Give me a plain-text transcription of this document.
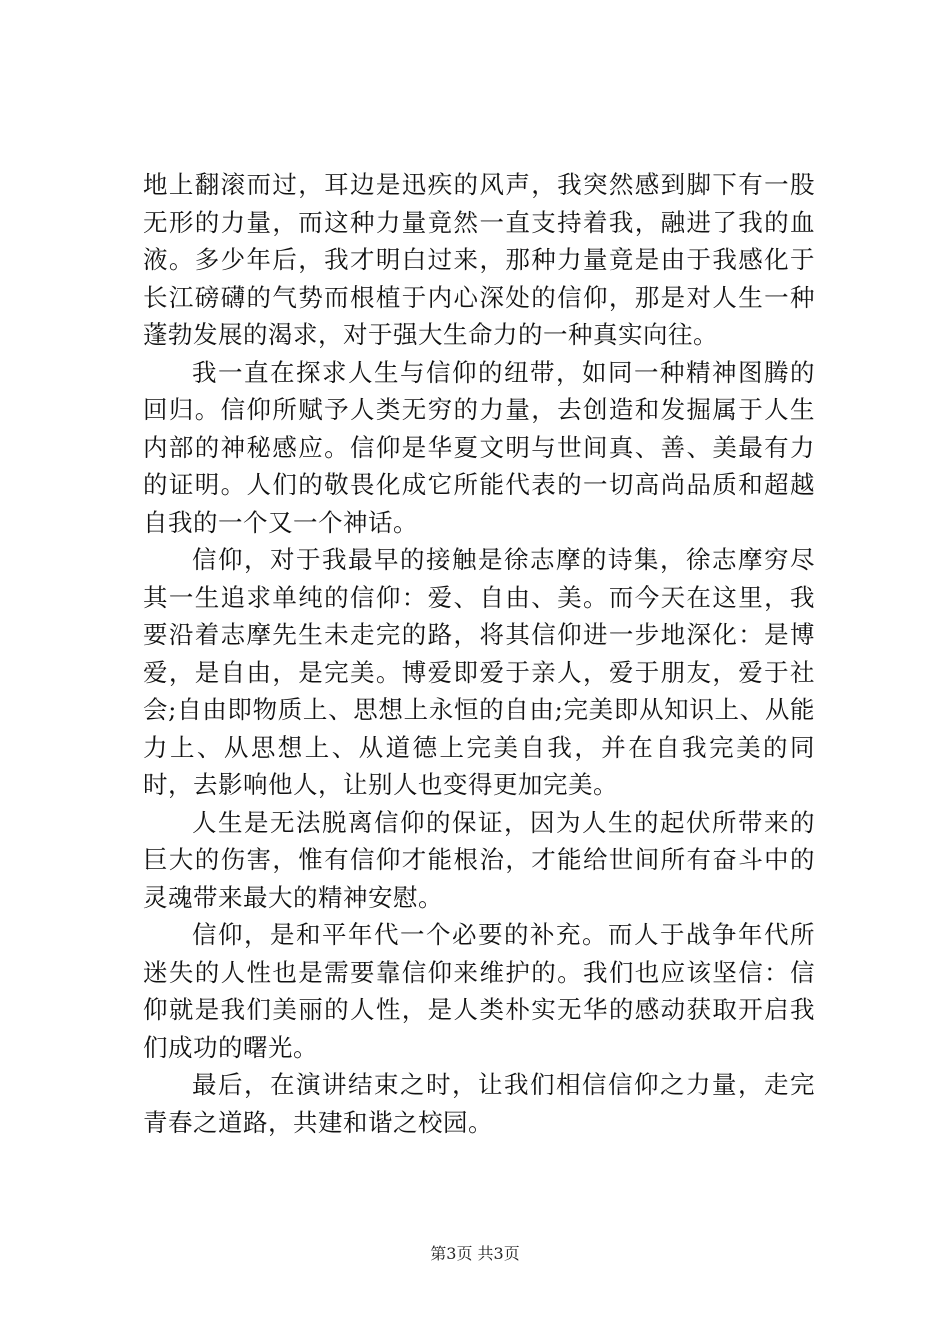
地上翻滚而过，耳边是迅疾的风声，我突然感到脚下有一股无形的力量，而这种力量竟然一直支持着我，融进了我的血液。多少年后，我才明白过来，那种力量竟是由于我感化于长江磅礴的气势而根植于内心深处的信仰，那是对人生一种蓬勃发展的渴求，对于强大生命力的一种真实向往。

我一直在探求人生与信仰的纽带，如同一种精神图腾的回归。信仰所赋予人类无穷的力量，去创造和发掘属于人生内部的神秘感应。信仰是华夏文明与世间真、善、美最有力的证明。人们的敬畏化成它所能代表的一切高尚品质和超越自我的一个又一个神话。

信仰，对于我最早的接触是徐志摩的诗集，徐志摩穷尽其一生追求单纯的信仰：爱、自由、美。而今天在这里，我要沿着志摩先生未走完的路，将其信仰进一步地深化：是博爱，是自由，是完美。博爱即爱于亲人，爱于朋友，爱于社会;自由即物质上、思想上永恒的自由;完美即从知识上、从能力上、从思想上、从道德上完美自我，并在自我完美的同时，去影响他人，让别人也变得更加完美。

人生是无法脱离信仰的保证，因为人生的起伏所带来的巨大的伤害，惟有信仰才能根治，才能给世间所有奋斗中的灵魂带来最大的精神安慰。

信仰，是和平年代一个必要的补充。而人于战争年代所迷失的人性也是需要靠信仰来维护的。我们也应该坚信：信仰就是我们美丽的人性，是人类朴实无华的感动获取开启我们成功的曙光。

最后，在演讲结束之时，让我们相信信仰之力量，走完青春之道路，共建和谐之校园。

第3页 共3页
